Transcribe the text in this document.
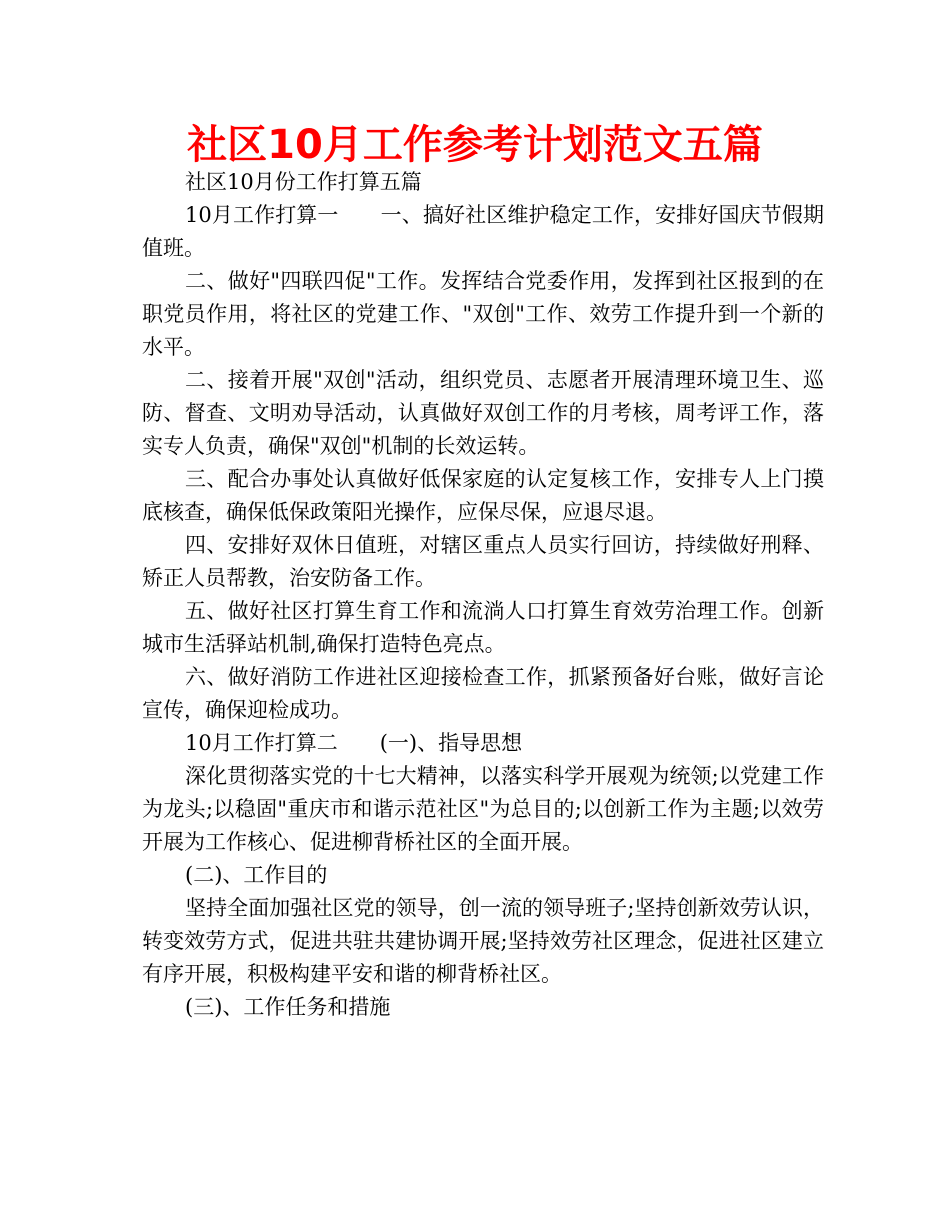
社区10月工作参考计划范文五篇

社区10月份工作打算五篇

10月工作打算一 一、搞好社区维护稳定工作，安排好国庆节假期值班。

二、做好"四联四促"工作。发挥结合党委作用，发挥到社区报到的在职党员作用，将社区的党建工作、"双创"工作、效劳工作提升到一个新的水平。

二、接着开展"双创"活动，组织党员、志愿者开展清理环境卫生、巡防、督查、文明劝导活动，认真做好双创工作的月考核，周考评工作，落实专人负责，确保"双创"机制的长效运转。

三、配合办事处认真做好低保家庭的认定复核工作，安排专人上门摸底核查，确保低保政策阳光操作，应保尽保，应退尽退。

四、安排好双休日值班，对辖区重点人员实行回访，持续做好刑释、矫正人员帮教，治安防备工作。

五、做好社区打算生育工作和流淌人口打算生育效劳治理工作。创新城市生活驿站机制,确保打造特色亮点。

六、做好消防工作进社区迎接检查工作，抓紧预备好台账，做好言论宣传，确保迎检成功。

10月工作打算二 (一)、指导思想

深化贯彻落实党的十七大精神，以落实科学开展观为统领;以党建工作为龙头;以稳固"重庆市和谐示范社区"为总目的;以创新工作为主题;以效劳开展为工作核心、促进柳背桥社区的全面开展。

(二)、工作目的

坚持全面加强社区党的领导，创一流的领导班子;坚持创新效劳认识，转变效劳方式，促进共驻共建协调开展;坚持效劳社区理念，促进社区建立有序开展，积极构建平安和谐的柳背桥社区。

(三)、工作任务和措施
